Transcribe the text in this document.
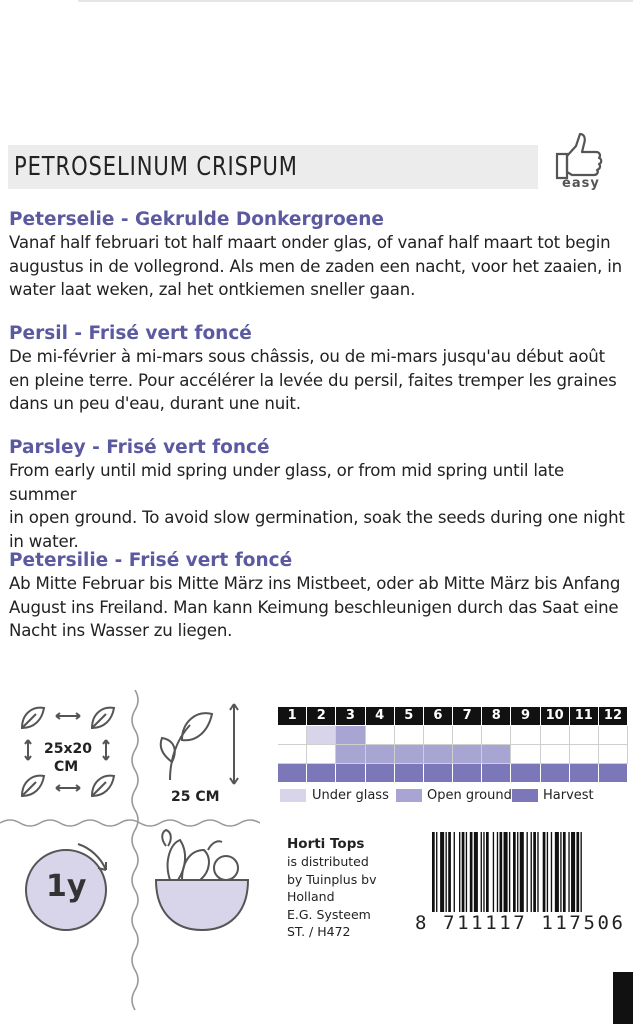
PETROSELINUM CRISPUM
easy
Peterselie - Gekrulde Donkergroene

Vanaf half februari tot half maart onder glas, of vanaf half maart tot begin
augustus in de vollegrond. Als men de zaden een nacht, voor het zaaien, in
water laat weken, zal het ontkiemen sneller gaan.

Persil - Frisé vert foncé

De mi-février à mi-mars sous châssis, ou de mi-mars jusqu'au début août
en pleine terre. Pour accélérer la levée du persil, faites tremper les graines
dans un peu d'eau, durant une nuit.

Parsley - Frisé vert foncé

From early until mid spring under glass, or from mid spring until late summer
in open ground. To avoid slow germination, soak the seeds during one night
in water.

Petersilie - Frisé vert foncé

Ab Mitte Februar bis Mitte März ins Mistbeet, oder ab Mitte März bis Anfang
August ins Freiland. Man kann Keimung beschleunigen durch das Saat eine
Nacht ins Wasser zu liegen.

25x20
CM
25 CM
1y
1	2	3	4	5	6	7	8	9	10 11 12
Under glass	Open ground Harvest
Horti Tops
is distributed
by Tuinplus bv
Holland
E.G. Systeem
ST. / H472	8 711117 117506
